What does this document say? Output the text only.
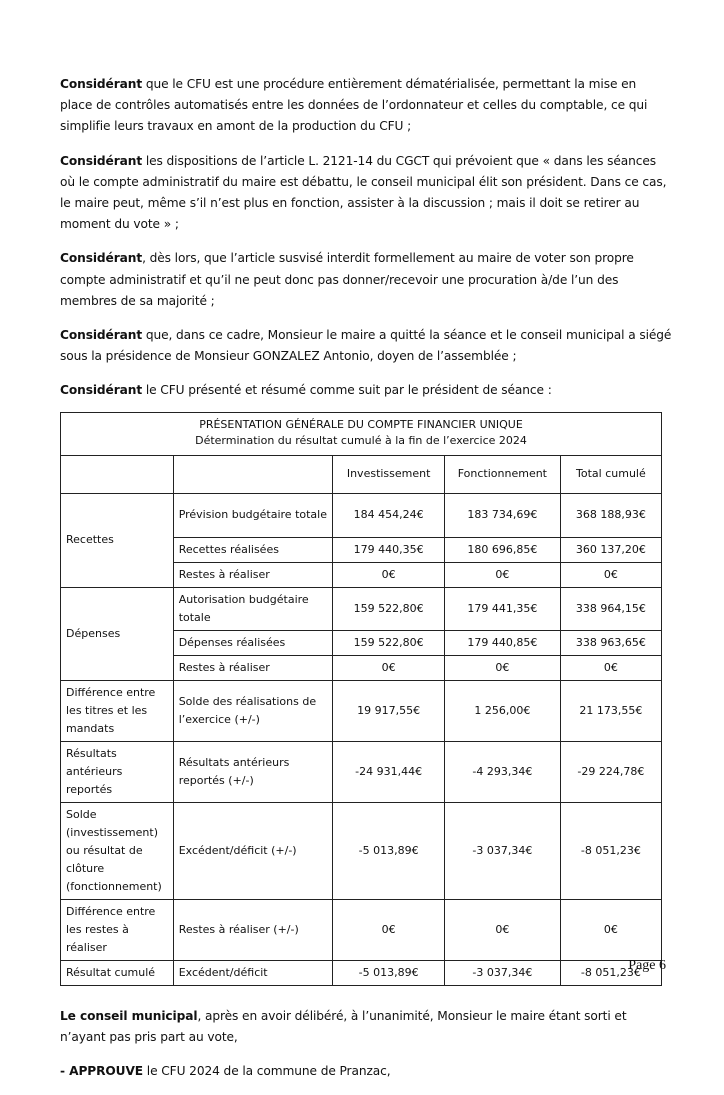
Considérant que le CFU est une procédure entièrement dématérialisée, permettant la mise en place de contrôles automatisés entre les données de l’ordonnateur et celles du comptable, ce qui simplifie leurs travaux en amont de la production du CFU ;

Considérant les dispositions de l’article L. 2121-14 du CGCT qui prévoient que « dans les séances où le compte administratif du maire est débattu, le conseil municipal élit son président. Dans ce cas, le maire peut, même s’il n’est plus en fonction, assister à la discussion ; mais il doit se retirer au moment du vote » ;

Considérant, dès lors, que l’article susvisé interdit formellement au maire de voter son propre compte administratif et qu’il ne peut donc pas donner/recevoir une procuration à/de l’un des membres de sa majorité ;

Considérant que, dans ce cadre, Monsieur le maire a quitté la séance et le conseil municipal a siégé sous la présidence de Monsieur GONZALEZ Antonio, doyen de l’assemblée ;

Considérant le CFU présenté et résumé comme suit par le président de séance :

PRÉSENTATION GÉNÉRALE DU COMPTE FINANCIER UNIQUE
Détermination du résultat cumulé à la fin de l’exercice 2024				

		Investissement	Fonctionnement	Total cumulé
Recettes	Prévision budgétaire totale	184 454,24€	183 734,69€	368 188,93€
	Recettes réalisées	179 440,35€	180 696,85€	360 137,20€
	Restes à réaliser	0€	0€	0€
Dépenses	Autorisation budgétaire totale	159 522,80€	179 441,35€	338 964,15€
	Dépenses réalisées	159 522,80€	179 440,85€	338 963,65€
	Restes à réaliser	0€	0€	0€
Différence entre les titres et les mandats	Solde des réalisations de l’exercice (+/-)	19 917,55€	1 256,00€	21 173,55€
Résultats antérieurs reportés	Résultats antérieurs reportés (+/-)	-24 931,44€	-4 293,34€	-29 224,78€
Solde (investissement) ou résultat de clôture (fonctionnement)	Excédent/déficit (+/-)	-5 013,89€	-3 037,34€	-8 051,23€
Différence entre les restes à réaliser	Restes à réaliser (+/-)	0€	0€	0€
Résultat cumulé	Excédent/déficit	-5 013,89€	-3 037,34€	-8 051,23€

Le conseil municipal, après en avoir délibéré, à l’unanimité, Monsieur le maire étant sorti et n’ayant pas pris part au vote,

- APPROUVE le CFU 2024 de la commune de Pranzac,

Page 6
